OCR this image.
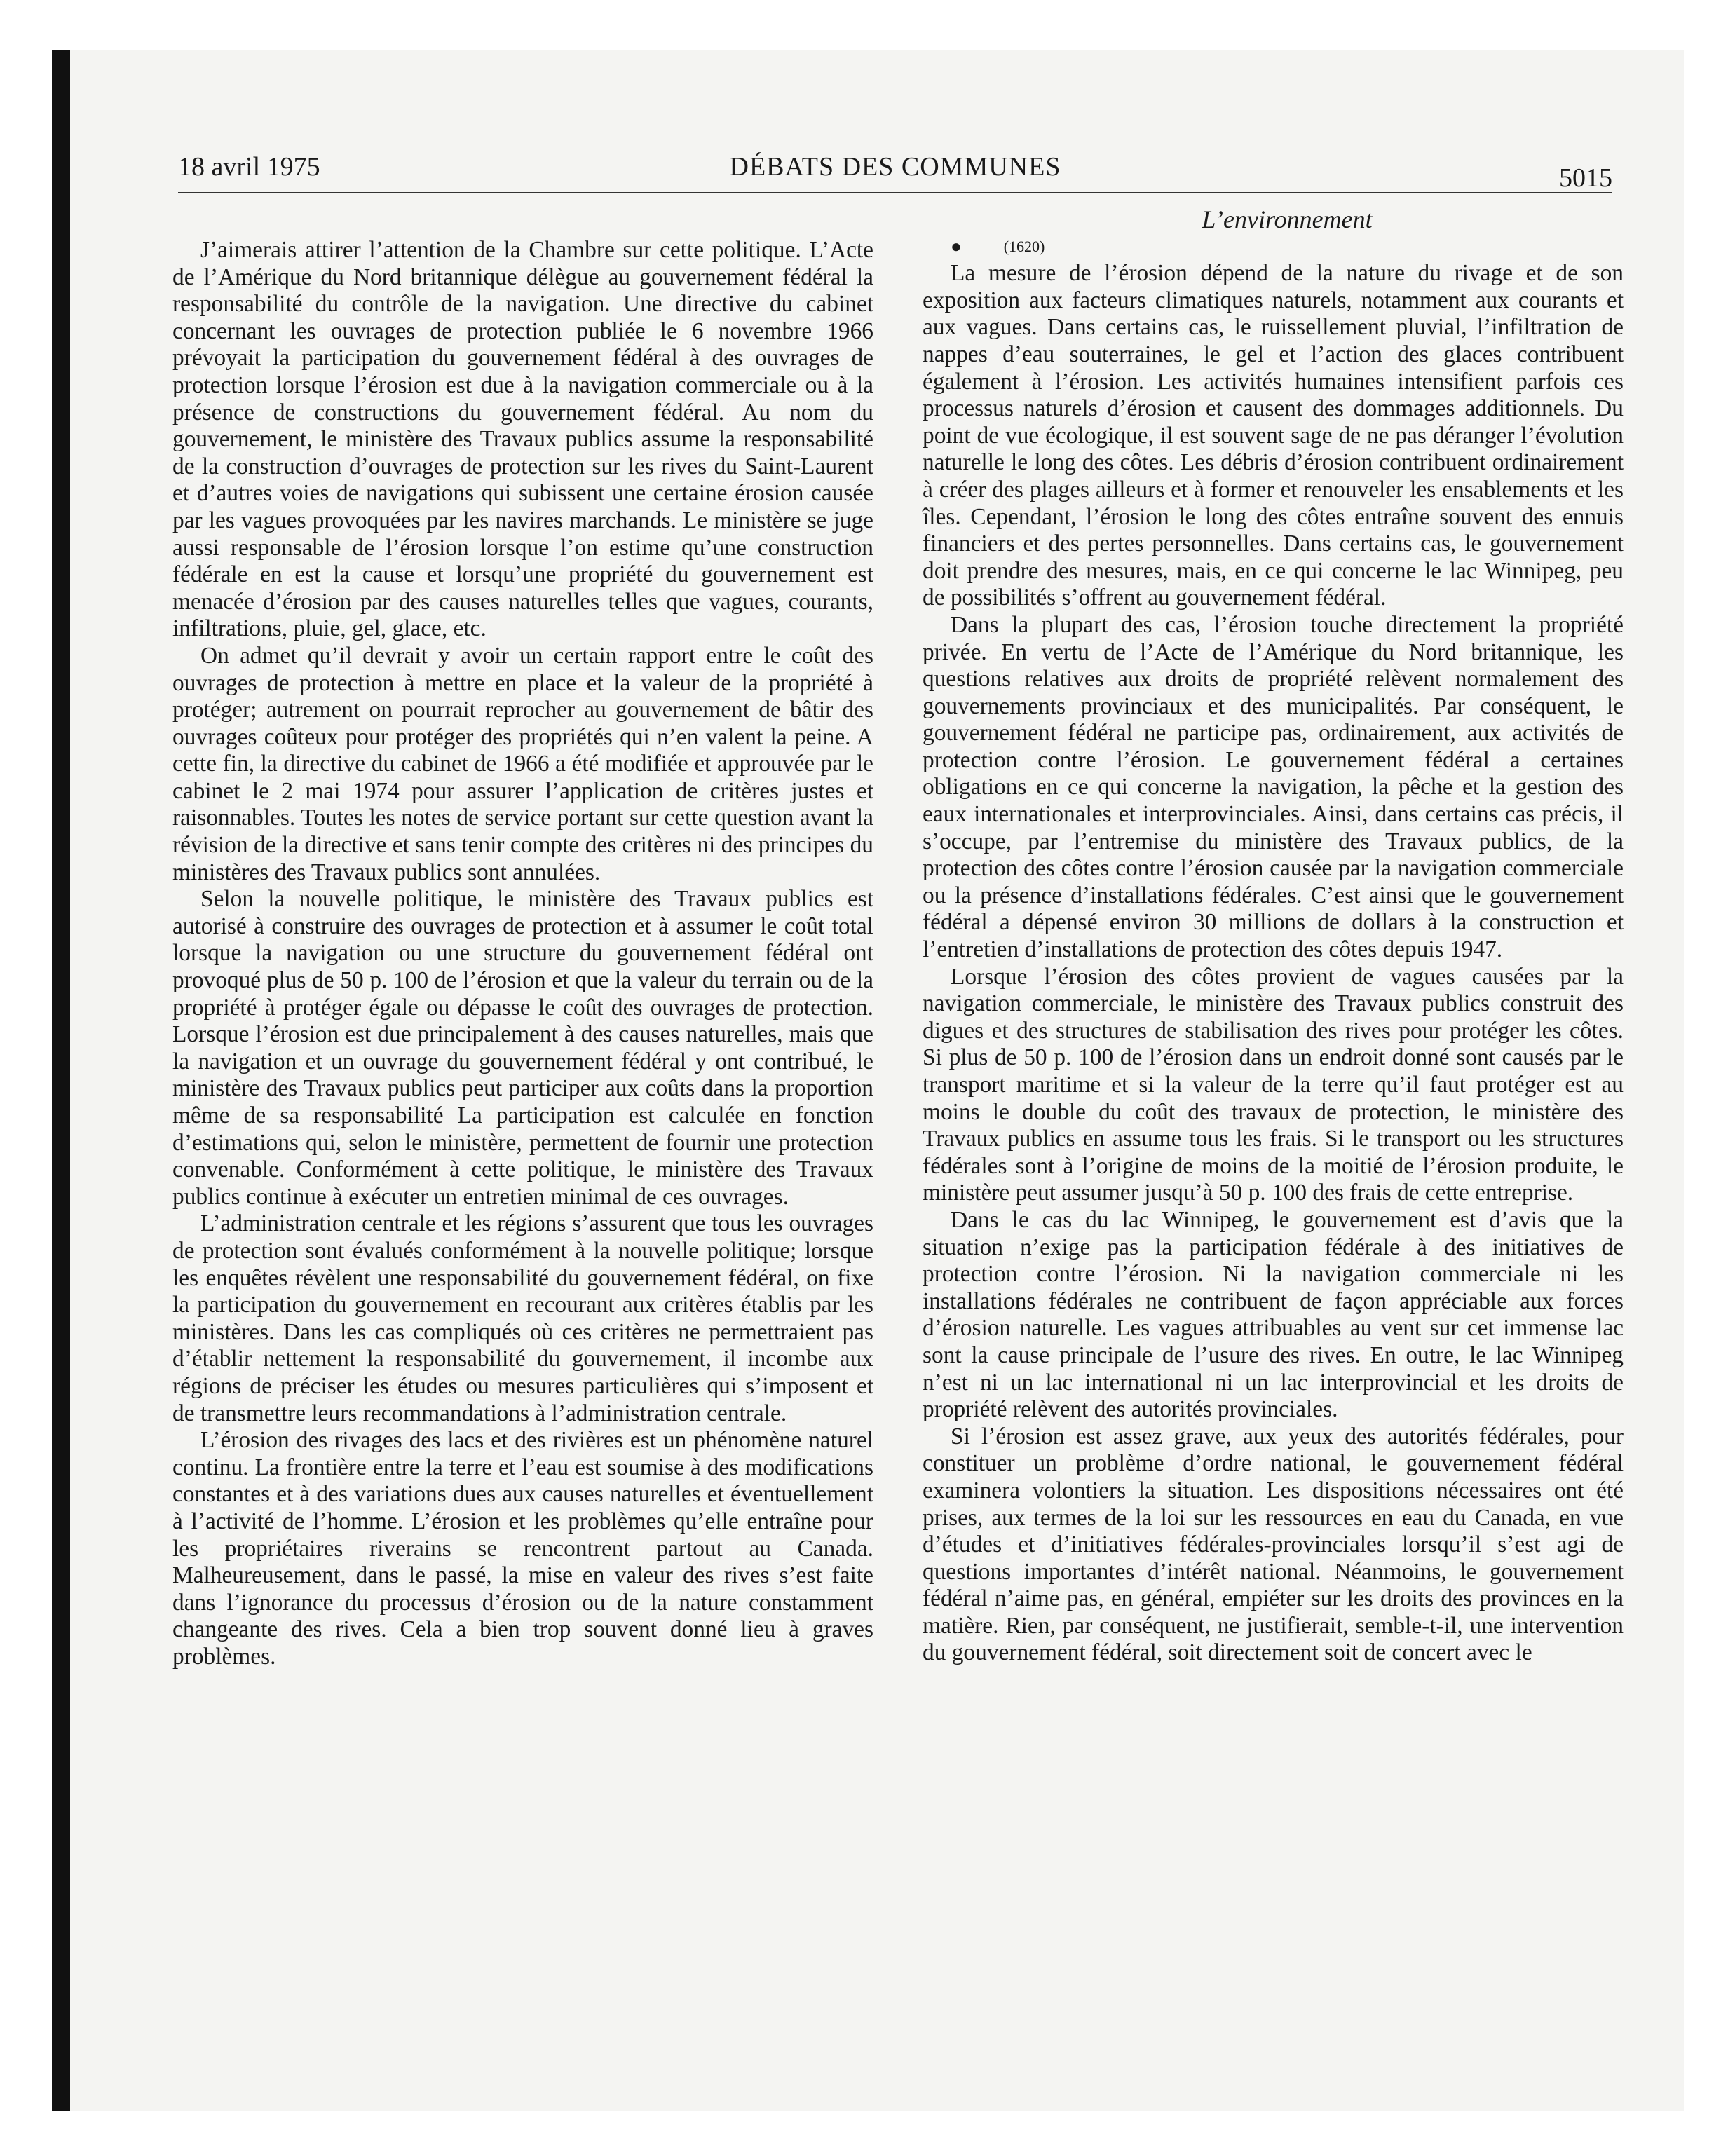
18 avril 1975	DÉBATS DES COMMUNES	5015

J’aimerais attirer l’attention de la Chambre sur cette politique. L’Acte de l’Amérique du Nord britannique délègue au gouvernement fédéral la responsabilité du contrôle de la navigation. Une directive du cabinet concernant les ouvrages de protection publiée le 6 novembre 1966 prévoyait la participation du gouvernement fédéral à des ouvrages de protection lorsque l’érosion est due à la navigation commerciale ou à la présence de constructions du gouvernement fédéral. Au nom du gouvernement, le ministère des Travaux publics assume la responsabilité de la construction d’ouvrages de protection sur les rives du Saint-Laurent et d’autres voies de navigations qui subissent une certaine érosion causée par les vagues provoquées par les navires marchands. Le ministère se juge aussi responsable de l’érosion lorsque l’on estime qu’une construction fédérale en est la cause et lorsqu’une propriété du gouvernement est menacée d’érosion par des causes naturelles telles que vagues, courants, infiltrations, pluie, gel, glace, etc.

On admet qu’il devrait y avoir un certain rapport entre le coût des ouvrages de protection à mettre en place et la valeur de la propriété à protéger; autrement on pourrait reprocher au gouvernement de bâtir des ouvrages coûteux pour protéger des propriétés qui n’en valent la peine. A cette fin, la directive du cabinet de 1966 a été modifiée et approuvée par le cabinet le 2 mai 1974 pour assurer l’application de critères justes et raisonnables. Toutes les notes de service portant sur cette question avant la révision de la directive et sans tenir compte des critères ni des principes du ministères des Travaux publics sont annulées.

Selon la nouvelle politique, le ministère des Travaux publics est autorisé à construire des ouvrages de protection et à assumer le coût total lorsque la navigation ou une structure du gouvernement fédéral ont provoqué plus de 50 p. 100 de l’érosion et que la valeur du terrain ou de la propriété à protéger égale ou dépasse le coût des ouvrages de protection. Lorsque l’érosion est due principalement à des causes naturelles, mais que la navigation et un ouvrage du gouvernement fédéral y ont contribué, le ministère des Travaux publics peut participer aux coûts dans la proportion même de sa responsabilité La participation est calculée en fonction d’estimations qui, selon le ministère, permettent de fournir une protection convenable. Conformément à cette politique, le ministère des Travaux publics continue à exécuter un entretien minimal de ces ouvrages.

L’administration centrale et les régions s’assurent que tous les ouvrages de protection sont évalués conformément à la nouvelle politique; lorsque les enquêtes révèlent une responsabilité du gouvernement fédéral, on fixe la participation du gouvernement en recourant aux critères établis par les ministères. Dans les cas compliqués où ces critères ne permettraient pas d’établir nettement la responsabilité du gouvernement, il incombe aux régions de préciser les études ou mesures particulières qui s’imposent et de transmettre leurs recommandations à l’administration centrale.

L’érosion des rivages des lacs et des rivières est un phénomène naturel continu. La frontière entre la terre et l’eau est soumise à des modifications constantes et à des variations dues aux causes naturelles et éventuellement à l’activité de l’homme. L’érosion et les problèmes qu’elle entraîne pour les propriétaires riverains se rencontrent partout au Canada. Malheureusement, dans le passé, la mise en valeur des rives s’est faite dans l’ignorance du processus d’érosion ou de la nature constamment changeante des rives. Cela a bien trop souvent donné lieu à graves problèmes.

L’environnement

●	(1620)

La mesure de l’érosion dépend de la nature du rivage et de son exposition aux facteurs climatiques naturels, notamment aux courants et aux vagues. Dans certains cas, le ruissellement pluvial, l’infiltration de nappes d’eau souterraines, le gel et l’action des glaces contribuent également à l’érosion. Les activités humaines intensifient parfois ces processus naturels d’érosion et causent des dommages additionnels. Du point de vue écologique, il est souvent sage de ne pas déranger l’évolution naturelle le long des côtes. Les débris d’érosion contribuent ordinairement à créer des plages ailleurs et à former et renouveler les ensablements et les îles. Cependant, l’érosion le long des côtes entraîne souvent des ennuis financiers et des pertes personnelles. Dans certains cas, le gouvernement doit prendre des mesures, mais, en ce qui concerne le lac Winnipeg, peu de possibilités s’offrent au gouvernement fédéral.

Dans la plupart des cas, l’érosion touche directement la propriété privée. En vertu de l’Acte de l’Amérique du Nord britannique, les questions relatives aux droits de propriété relèvent normalement des gouvernements provinciaux et des municipalités. Par conséquent, le gouvernement fédéral ne participe pas, ordinairement, aux activités de protection contre l’érosion. Le gouvernement fédéral a certaines obligations en ce qui concerne la navigation, la pêche et la gestion des eaux internationales et interprovinciales. Ainsi, dans certains cas précis, il s’occupe, par l’entremise du ministère des Travaux publics, de la protection des côtes contre l’érosion causée par la navigation commerciale ou la présence d’installations fédérales. C’est ainsi que le gouvernement fédéral a dépensé environ 30 millions de dollars à la construction et l’entretien d’installations de protection des côtes depuis 1947.

Lorsque l’érosion des côtes provient de vagues causées par la navigation commerciale, le ministère des Travaux publics construit des digues et des structures de stabilisation des rives pour protéger les côtes. Si plus de 50 p. 100 de l’érosion dans un endroit donné sont causés par le transport maritime et si la valeur de la terre qu’il faut protéger est au moins le double du coût des travaux de protection, le ministère des Travaux publics en assume tous les frais. Si le transport ou les structures fédérales sont à l’origine de moins de la moitié de l’érosion produite, le ministère peut assumer jusqu’à 50 p. 100 des frais de cette entreprise.

Dans le cas du lac Winnipeg, le gouvernement est d’avis que la situation n’exige pas la participation fédérale à des initiatives de protection contre l’érosion. Ni la navigation commerciale ni les installations fédérales ne contribuent de façon appréciable aux forces d’érosion naturelle. Les vagues attribuables au vent sur cet immense lac sont la cause principale de l’usure des rives. En outre, le lac Winnipeg n’est ni un lac international ni un lac interprovincial et les droits de propriété relèvent des autorités provinciales.

Si l’érosion est assez grave, aux yeux des autorités fédérales, pour constituer un problème d’ordre national, le gouvernement fédéral examinera volontiers la situation. Les dispositions nécessaires ont été prises, aux termes de la loi sur les ressources en eau du Canada, en vue d’études et d’initiatives fédérales-provinciales lorsqu’il s’est agi de questions importantes d’intérêt national. Néanmoins, le gouvernement fédéral n’aime pas, en général, empiéter sur les droits des provinces en la matière. Rien, par conséquent, ne justifierait, semble-t-il, une intervention du gouvernement fédéral, soit directement soit de concert avec le
